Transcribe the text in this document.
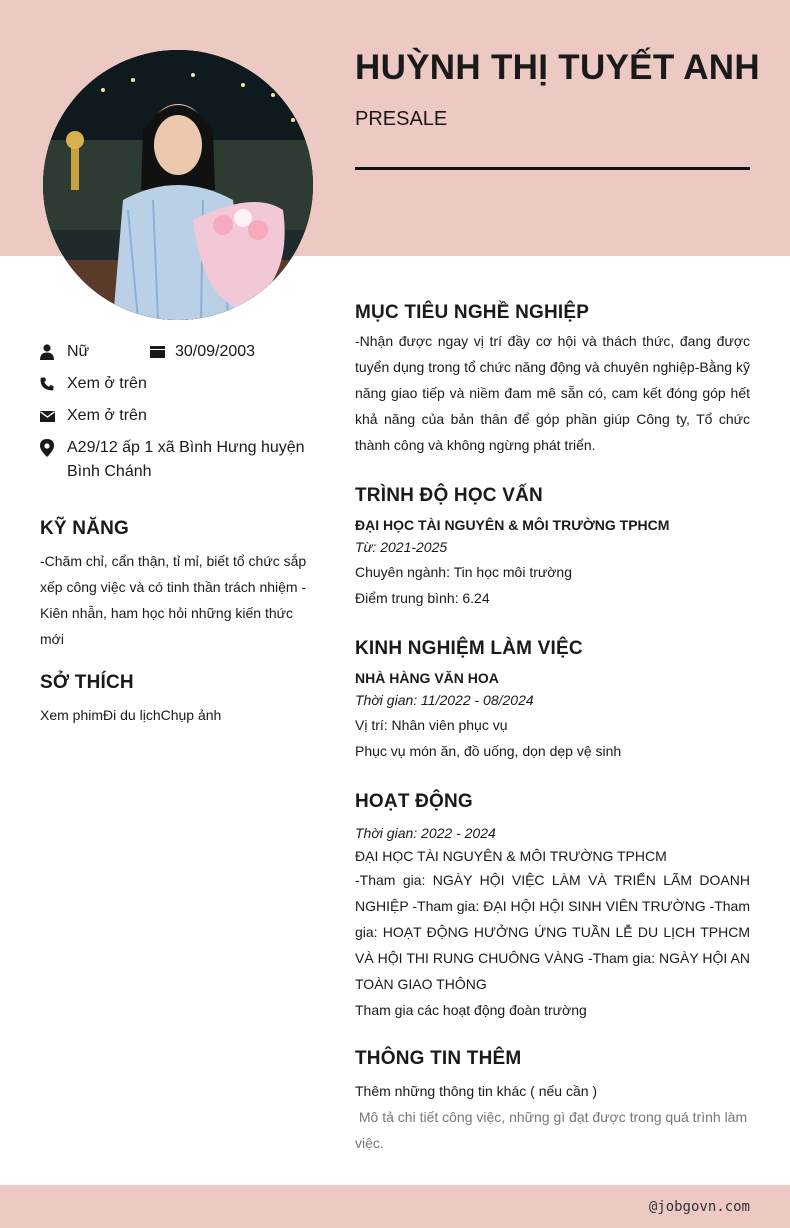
HUỲNH THỊ TUYẾT ANH
PRESALE
Nữ	30/09/2003
Xem ở trên
Xem ở trên
A29/12 ấp 1 xã Bình Hưng huyện Bình Chánh
KỸ NĂNG
-Chăm chỉ, cẩn thận, tỉ mỉ, biết tổ chức sắp xếp công việc và có tinh thần trách nhiệm -Kiên nhẫn, ham học hỏi những kiến thức mới
SỞ THÍCH
Xem phimĐi du lịchChụp ảnh
MỤC TIÊU NGHỀ NGHIỆP
-Nhận được ngay vị trí đầy cơ hội và thách thức, đang được tuyển dụng trong tổ chức năng động và chuyên nghiệp-Bằng kỹ năng giao tiếp và niềm đam mê sẵn có, cam kết đóng góp hết khả năng của bản thân để góp phần giúp Công ty, Tổ chức thành công và không ngừng phát triển.
TRÌNH ĐỘ HỌC VẤN
ĐẠI HỌC TÀI NGUYÊN & MÔI TRƯỜNG TPHCM
Từ: 2021-2025
Chuyên ngành: Tin học môi trường
Điểm trung bình: 6.24
KINH NGHIỆM LÀM VIỆC
NHÀ HÀNG VĂN HOA
Thời gian: 11/2022 - 08/2024
Vị trí: Nhân viên phục vụ
Phục vụ món ăn, đồ uống, dọn dẹp vệ sinh
HOẠT ĐỘNG
Thời gian: 2022 - 2024
ĐẠI HỌC TÀI NGUYÊN & MÔI TRƯỜNG TPHCM
-Tham gia: NGÀY HỘI VIỆC LÀM VÀ TRIỂN LÃM DOANH NGHIỆP -Tham gia: ĐẠI HỘI HỘI SINH VIÊN TRƯỜNG -Tham gia: HOẠT ĐỘNG HƯỞNG ỨNG TUẦN LỄ DU LỊCH TPHCM VÀ HỘI THI RUNG CHUÔNG VÀNG -Tham gia: NGÀY HỘI AN TOÀN GIAO THÔNG
Tham gia các hoạt động đoàn trường
THÔNG TIN THÊM
Thêm những thông tin khác ( nếu cần )
Mô tả chi tiết công việc, những gì đạt được trong quá trình làm việc.
@jobgovn.com
